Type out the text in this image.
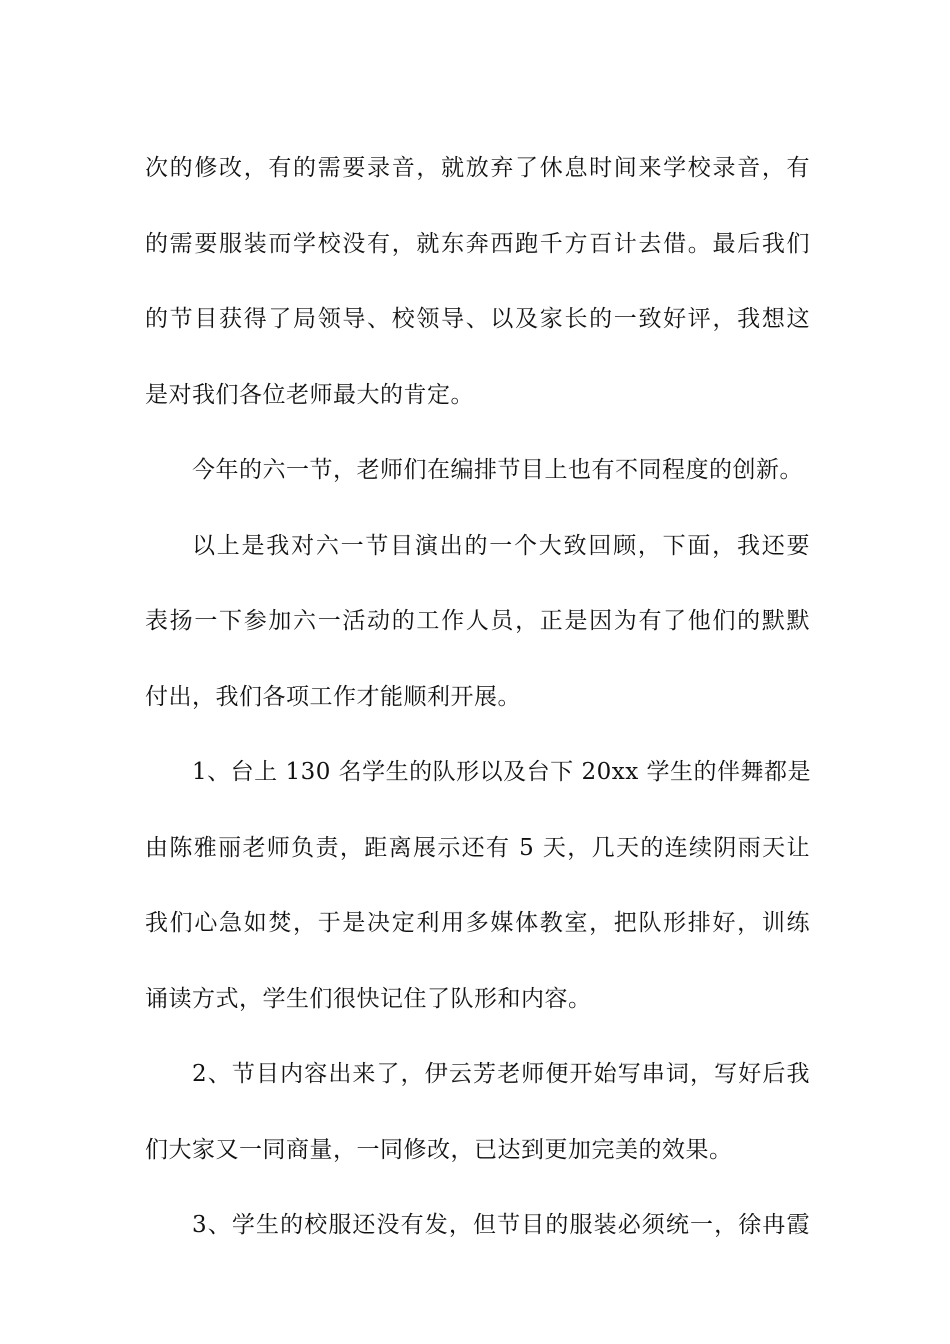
次的修改，有的需要录音，就放弃了休息时间来学校录音，有
的需要服装而学校没有，就东奔西跑千方百计去借。最后我们
的节目获得了局领导、校领导、以及家长的一致好评，我想这
是对我们各位老师最大的肯定。
今年的六一节，老师们在编排节目上也有不同程度的创新。
以上是我对六一节目演出的一个大致回顾，下面，我还要
表扬一下参加六一活动的工作人员，正是因为有了他们的默默
付出，我们各项工作才能顺利开展。
1、台上 130 名学生的队形以及台下 20xx 学生的伴舞都是
由陈雅丽老师负责，距离展示还有 5 天，几天的连续阴雨天让
我们心急如焚，于是决定利用多媒体教室，把队形排好，训练
诵读方式，学生们很快记住了队形和内容。
2、节目内容出来了，伊云芳老师便开始写串词，写好后我
们大家又一同商量，一同修改，已达到更加完美的效果。
3、学生的校服还没有发，但节目的服装必须统一，徐冉霞
